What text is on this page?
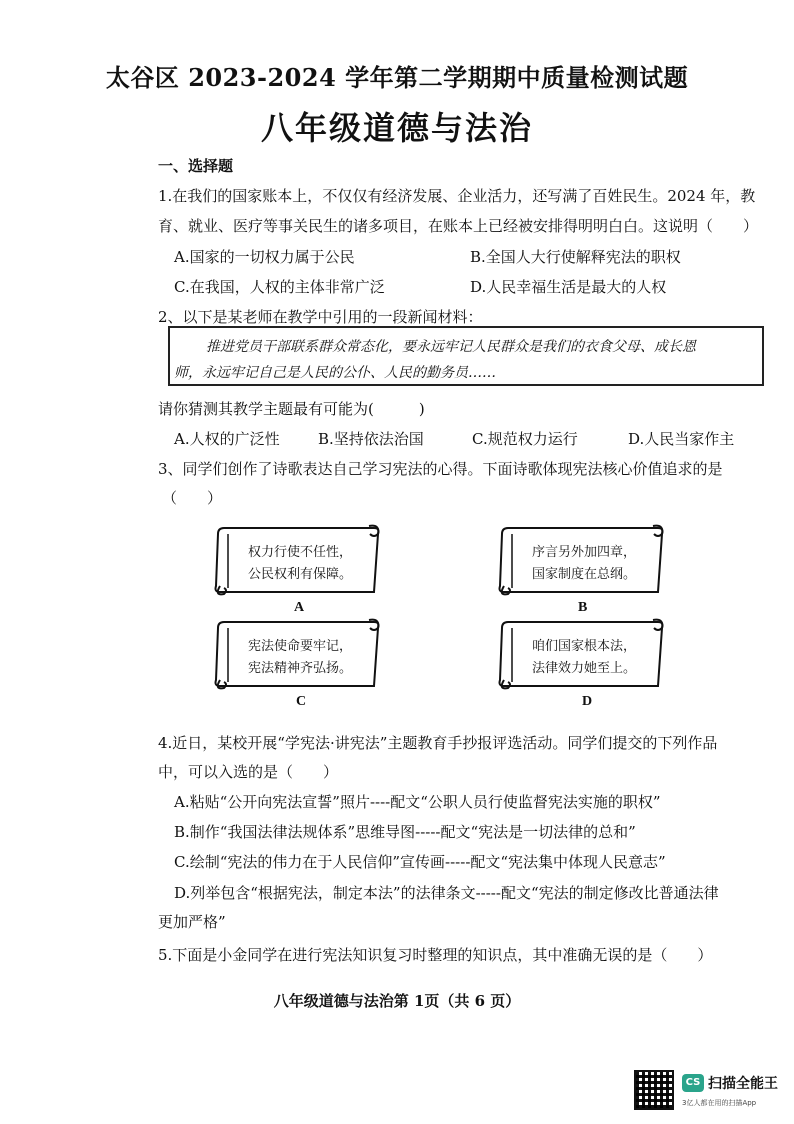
太谷区 2023-2024 学年第二学期期中质量检测试题
八年级道德与法治
一、选择题
1.在我们的国家账本上，不仅仅有经济发展、企业活力，还写满了百姓民生。2024 年，教
育、就业、医疗等事关民生的诸多项目，在账本上已经被安排得明明白白。这说明（　　）
A.国家的一切权力属于公民	B.全国人大行使解释宪法的职权
C.在我国，人权的主体非常广泛	D.人民幸福生活是最大的人权
2、以下是某老师在教学中引用的一段新闻材料：
推进党员干部联系群众常态化，要永远牢记人民群众是我们的衣食父母、成长恩
师，永远牢记自己是人民的公仆、人民的勤务员……
请你猜测其教学主题最有可能为(　　　)
A.人权的广泛性	B.坚持依法治国	C.规范权力运行	D.人民当家作主
3、同学们创作了诗歌表达自己学习宪法的心得。下面诗歌体现宪法核心价值追求的是
（　　）
权力行使不任性，
公民权利有保障。
A
序言另外加四章，
国家制度在总纲。
B
宪法使命要牢记，
宪法精神齐弘扬。
C
咱们国家根本法，
法律效力她至上。
D
4.近日，某校开展“学宪法·讲宪法”主题教育手抄报评选活动。同学们提交的下列作品
中，可以入选的是（　　）
A.粘贴“公开向宪法宣誓”照片----配文“公职人员行使监督宪法实施的职权”
B.制作“我国法律法规体系”思维导图-----配文“宪法是一切法律的总和”
C.绘制“宪法的伟力在于人民信仰”宣传画-----配文“宪法集中体现人民意志”
D.列举包含“根据宪法，制定本法”的法律条文-----配文“宪法的制定修改比普通法律
更加严格”
5.下面是小金同学在进行宪法知识复习时整理的知识点，其中准确无误的是（　　）
八年级道德与法治第 1页（共 6 页）
CS 扫描全能王
3亿人都在用的扫描App
